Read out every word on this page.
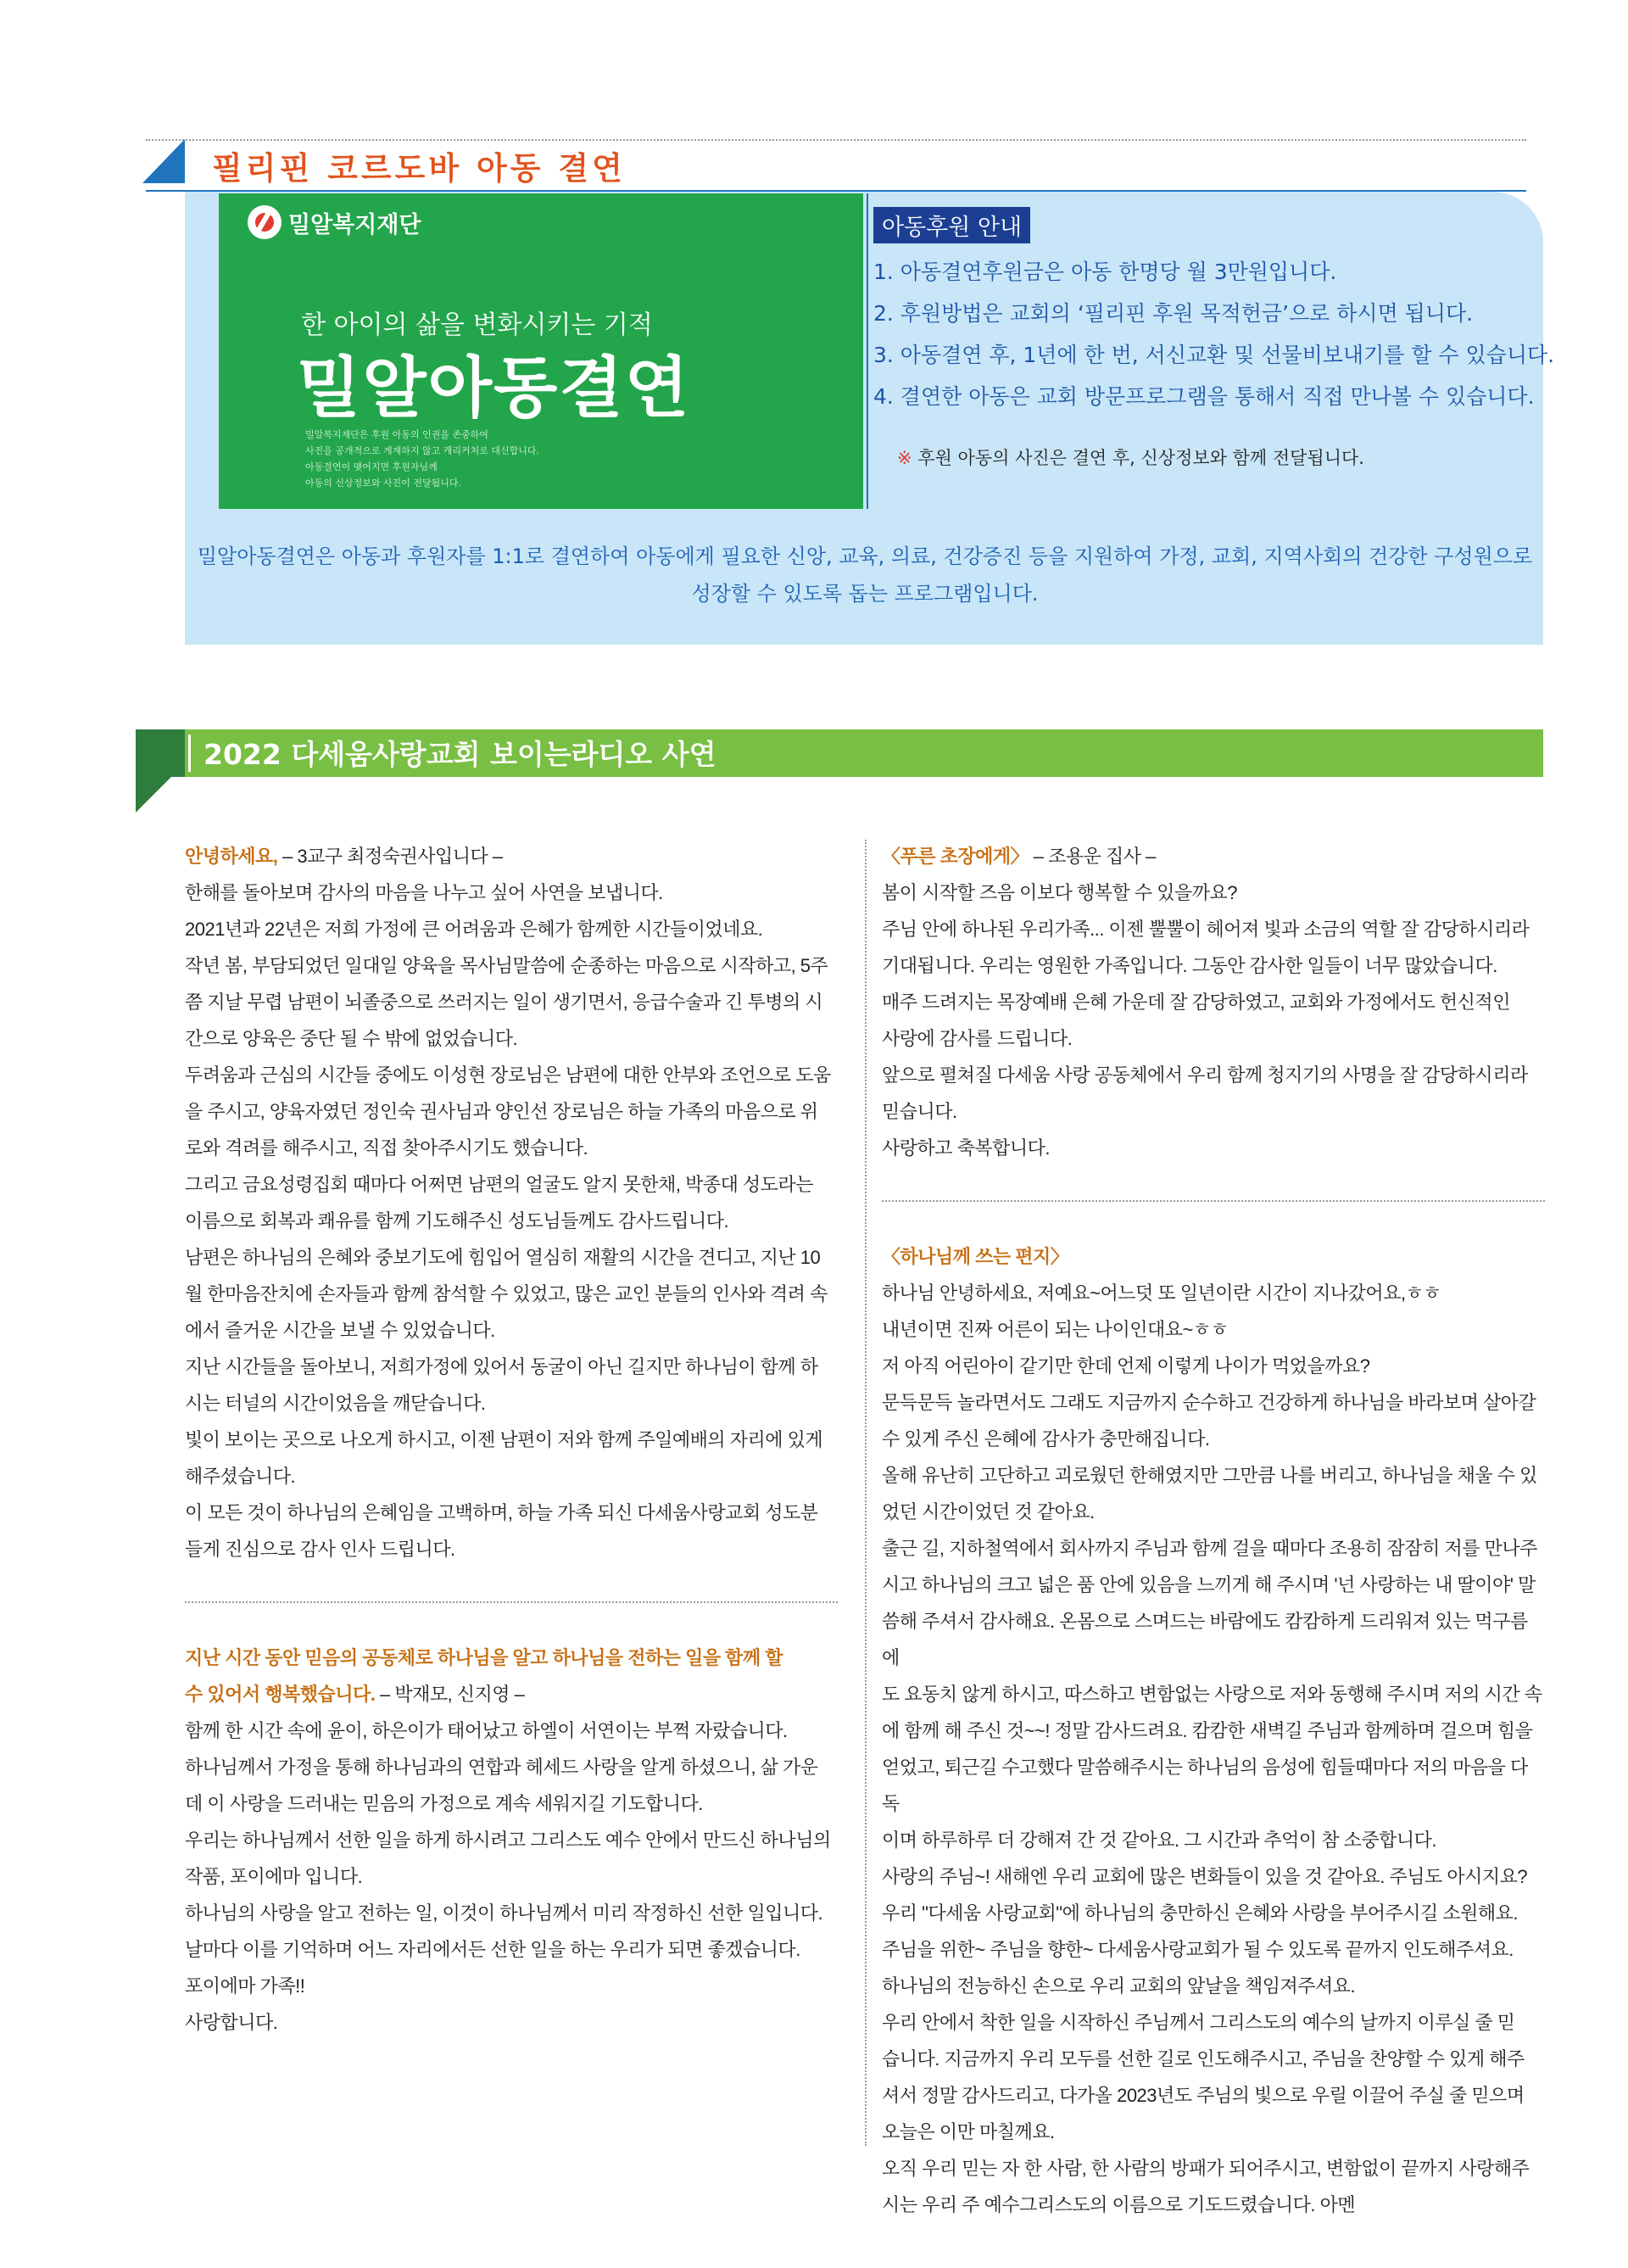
필리핀 코르도바 아동 결연
밀알복지재단
한 아이의 삶을 변화시키는 기적
밀알아동결연
밀알복지재단은 후원 아동의 인권을 존중하여
사진을 공개적으로 게재하지 않고 캐리커처로 대신합니다.
아동결연이 맺어지면 후원자님께
아동의 신상정보와 사진이 전달됩니다.
아동후원 안내
1. 아동결연후원금은 아동 한명당 월 3만원입니다.
2. 후원방법은 교회의 ‘필리핀 후원 목적헌금’으로 하시면 됩니다.
3. 아동결연 후, 1년에 한 번, 서신교환 및 선물비보내기를 할 수 있습니다.
4. 결연한 아동은 교회 방문프로그램을 통해서 직접 만나볼 수 있습니다.
※ 후원 아동의 사진은 결연 후, 신상정보와 함께 전달됩니다.
밀알아동결연은 아동과 후원자를 1:1로 결연하여 아동에게 필요한 신앙, 교육, 의료, 건강증진 등을 지원하여 가정, 교회, 지역사회의 건강한 구성원으로
성장할 수 있도록 돕는 프로그램입니다.
2022 다세움사랑교회 보이는라디오 사연

안녕하세요, – 3교구 최정숙권사입니다 –

한해를 돌아보며 감사의 마음을 나누고 싶어 사연을 보냅니다.

2021년과 22년은 저희 가정에 큰 어려움과 은혜가 함께한 시간들이었네요.

작년 봄, 부담되었던 일대일 양육을 목사님말씀에 순종하는 마음으로 시작하고, 5주

쯤 지날 무렵 남편이 뇌졸중으로 쓰러지는 일이 생기면서, 응급수술과 긴 투병의 시

간으로 양육은 중단 될 수 밖에 없었습니다.

두려움과 근심의 시간들 중에도 이성현 장로님은 남편에 대한 안부와 조언으로 도움

을 주시고, 양육자였던 정인숙 권사님과 양인선 장로님은 하늘 가족의 마음으로 위

로와 격려를 해주시고, 직접 찾아주시기도 했습니다.

그리고 금요성령집회 때마다 어쩌면 남편의 얼굴도 알지 못한채, 박종대 성도라는

이름으로 회복과 쾌유를 함께 기도해주신 성도님들께도 감사드립니다.

남편은 하나님의 은혜와 중보기도에 힘입어 열심히 재활의 시간을 견디고, 지난 10

월 한마음잔치에 손자들과 함께 참석할 수 있었고, 많은 교인 분들의 인사와 격려 속

에서 즐거운 시간을 보낼 수 있었습니다.

지난 시간들을 돌아보니, 저희가정에 있어서 동굴이 아닌 길지만 하나님이 함께 하

시는 터널의 시간이었음을 깨닫습니다.

빛이 보이는 곳으로 나오게 하시고, 이젠 남편이 저와 함께 주일예배의 자리에 있게

해주셨습니다.

이 모든 것이 하나님의 은혜임을 고백하며, 하늘 가족 되신 다세움사랑교회 성도분

들게 진심으로 감사 인사 드립니다.

지난 시간 동안 믿음의 공동체로 하나님을 알고 하나님을 전하는 일을 함께 할
수 있어서 행복했습니다. – 박재모, 신지영 –

함께 한 시간 속에 윤이, 하은이가 태어났고 하엘이 서연이는 부쩍 자랐습니다.

하나님께서 가정을 통해 하나님과의 연합과 헤세드 사랑을 알게 하셨으니, 삶 가운

데 이 사랑을 드러내는 믿음의 가정으로 계속 세워지길 기도합니다.

우리는 하나님께서 선한 일을 하게 하시려고 그리스도 예수 안에서 만드신 하나님의

작품, 포이에마 입니다.

하나님의 사랑을 알고 전하는 일, 이것이 하나님께서 미리 작정하신 선한 일입니다.

날마다 이를 기억하며 어느 자리에서든 선한 일을 하는 우리가 되면 좋겠습니다.

포이에마 가족!!

사랑합니다.

〈푸른 초장에게〉 – 조용운 집사 –

봄이 시작할 즈음 이보다 행복할 수 있을까요?

주님 안에 하나된 우리가족... 이젠 뿔뿔이 헤어져 빛과 소금의 역할 잘 감당하시리라

기대됩니다. 우리는 영원한 가족입니다. 그동안 감사한 일들이 너무 많았습니다.

매주 드려지는 목장예배 은혜 가운데 잘 감당하였고, 교회와 가정에서도 헌신적인

사랑에 감사를 드립니다.

앞으로 펼쳐질 다세움 사랑 공동체에서 우리 함께 청지기의 사명을 잘 감당하시리라

믿습니다.

사랑하고 축복합니다.

〈하나님께 쓰는 편지〉

하나님 안녕하세요, 저예요~어느덧 또 일년이란 시간이 지나갔어요,ㅎㅎ

내년이면 진짜 어른이 되는 나이인대요~ㅎㅎ

저 아직 어린아이 같기만 한데 언제 이렇게 나이가 먹었을까요?

문득문득 놀라면서도 그래도 지금까지 순수하고 건강하게 하나님을 바라보며 살아갈

수 있게 주신 은혜에 감사가 충만해집니다.

올해 유난히 고단하고 괴로웠던 한해였지만 그만큼 나를 버리고, 하나님을 채울 수 있

었던 시간이었던 것 같아요.

출근 길, 지하철역에서 회사까지 주님과 함께 걸을 때마다 조용히 잠잠히 저를 만나주

시고 하나님의 크고 넓은 품 안에 있음을 느끼게 해 주시며 '넌 사랑하는 내 딸이야' 말

씀해 주셔서 감사해요. 온몸으로 스며드는 바람에도 캄캄하게 드리워져 있는 먹구름에

도 요동치 않게 하시고, 따스하고 변함없는 사랑으로 저와 동행해 주시며 저의 시간 속

에 함께 해 주신 것~~! 정말 감사드려요. 캄캄한 새벽길 주님과 함께하며 걸으며 힘을

얻었고, 퇴근길 수고했다 말씀해주시는 하나님의 음성에 힘들때마다 저의 마음을 다독

이며 하루하루 더 강해져 간 것 같아요. 그 시간과 추억이 참 소중합니다.

사랑의 주님~! 새해엔 우리 교회에 많은 변화들이 있을 것 같아요. 주님도 아시지요?

우리 "다세움 사랑교회"에 하나님의 충만하신 은혜와 사랑을 부어주시길 소원해요.

주님을 위한~ 주님을 향한~ 다세움사랑교회가 될 수 있도록 끝까지 인도해주셔요.

하나님의 전능하신 손으로 우리 교회의 앞날을 책임져주셔요.

우리 안에서 착한 일을 시작하신 주님께서 그리스도의 예수의 날까지 이루실 줄 믿

습니다. 지금까지 우리 모두를 선한 길로 인도해주시고, 주님을 찬양할 수 있게 해주

셔서 정말 감사드리고, 다가올 2023년도 주님의 빛으로 우릴 이끌어 주실 줄 믿으며

오늘은 이만 마칠께요.

오직 우리 믿는 자 한 사람, 한 사람의 방패가 되어주시고, 변함없이 끝까지 사랑해주

시는 우리 주 예수그리스도의 이름으로 기도드렸습니다. 아멘
